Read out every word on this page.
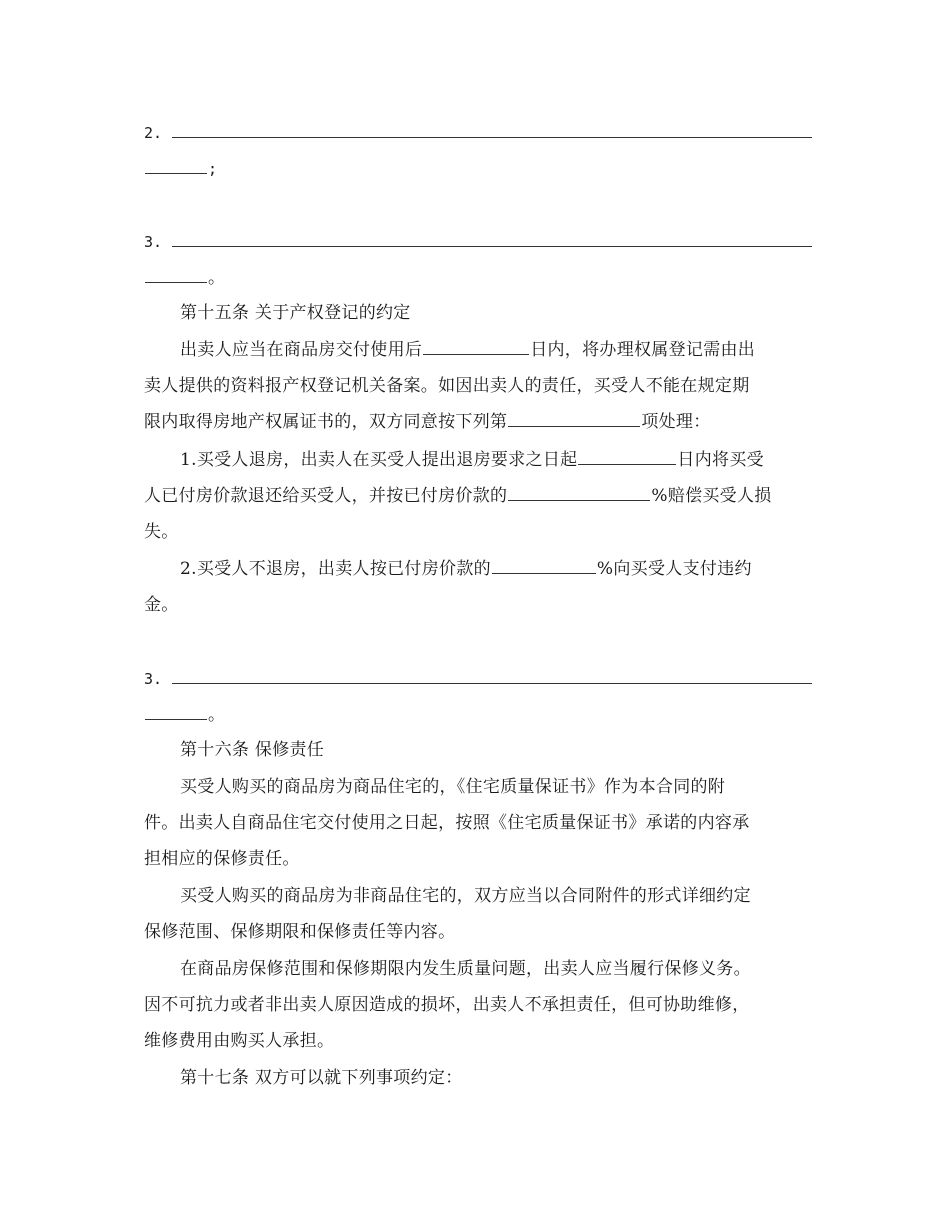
2.
;
3.
。
第十五条 关于产权登记的约定
出卖人应当在商品房交付使用后	日内，将办理权属登记需由出
卖人提供的资料报产权登记机关备案。如因出卖人的责任，买受人不能在规定期
限内取得房地产权属证书的，双方同意按下列第	项处理：
1.买受人退房，出卖人在买受人提出退房要求之日起	日内将买受
人已付房价款退还给买受人，并按已付房价款的	%赔偿买受人损
失。
2.买受人不退房，出卖人按已付房价款的	%向买受人支付违约
金。
3.
。
第十六条 保修责任
买受人购买的商品房为商品住宅的，《住宅质量保证书》作为本合同的附
件。出卖人自商品住宅交付使用之日起，按照《住宅质量保证书》承诺的内容承
担相应的保修责任。
买受人购买的商品房为非商品住宅的，双方应当以合同附件的形式详细约定
保修范围、保修期限和保修责任等内容。
在商品房保修范围和保修期限内发生质量问题，出卖人应当履行保修义务。
因不可抗力或者非出卖人原因造成的损坏，出卖人不承担责任，但可协助维修，
维修费用由购买人承担。
第十七条 双方可以就下列事项约定：
